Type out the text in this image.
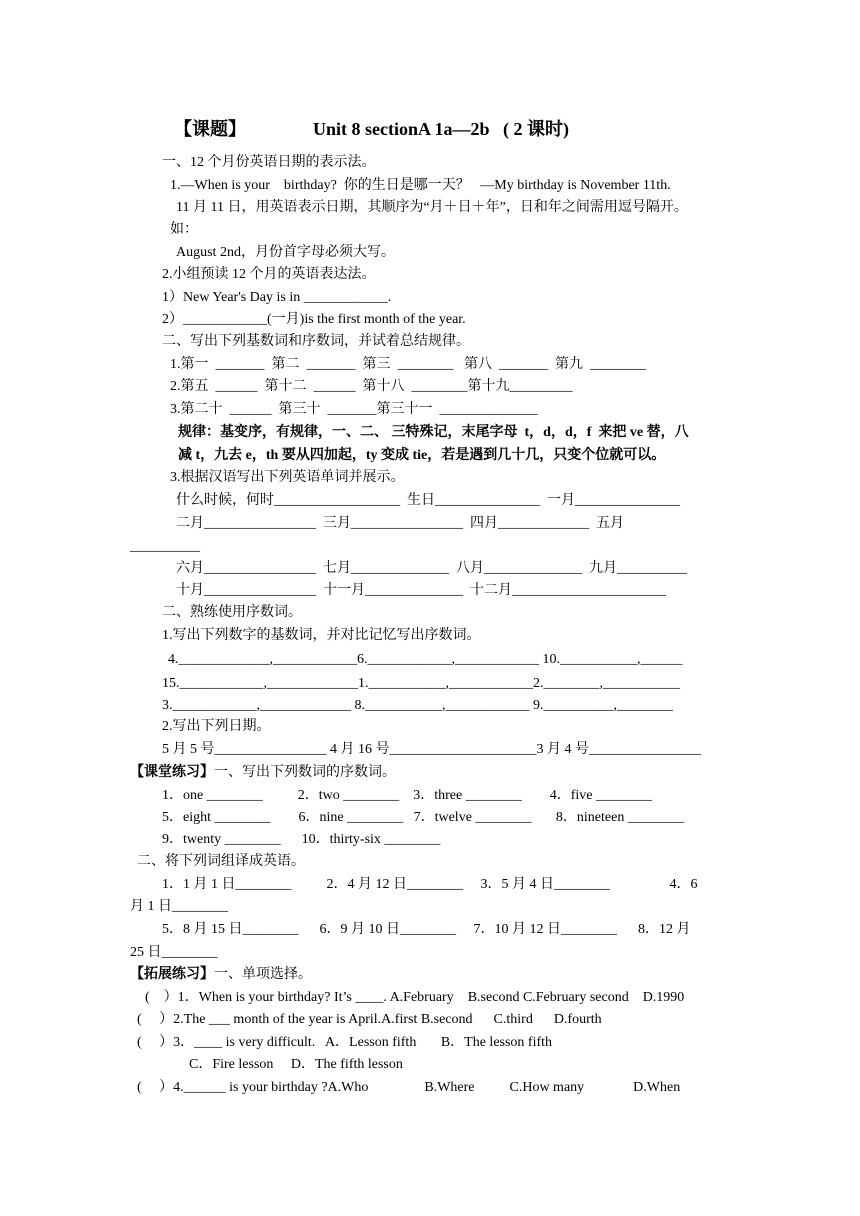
【课题】	Unit 8 sectionA 1a—2b   ( 2 课时)
一、12 个月份英语日期的表示法。
1.—When is your    birthday?  你的生日是哪一天？   —My birthday is November 11th.
11 月 11 日，用英语表示日期，其顺序为“月＋日＋年”，日和年之间需用逗号隔开。
如：
August 2nd，月份首字母必须大写。
2.小组预读 12 个月的英语表达法。
1）New Year's Day is in ____________.
2）____________(一月)is the first month of the year.
二、写出下列基数词和序数词，并试着总结规律。
1.第一  _______  第二  _______  第三  ________   第八  _______  第九  ________
2.第五  ______  第十二  ______  第十八  ________第十九_________
3.第二十  ______  第三十  _______第三十一  ______________
规律：基变序，有规律，一、二、 三特殊记，末尾字母  t，d，d，f  来把 ve 替，八
减 t，九去 e，th 要从四加起，ty 变成 tie，若是遇到几十几，只变个位就可以。
3.根据汉语写出下列英语单词并展示。
什么时候，何时__________________  生日_______________  一月_______________
二月________________  三月________________  四月_____________  五月
__________
六月________________  七月______________  八月______________  九月__________
十月________________  十一月______________  十二月______________________
二、熟练使用序数词。
1.写出下列数字的基数词，并对比记忆写出序数词。
4._____________,____________6.____________,____________ 10.___________,______
15.____________,_____________1.___________,____________2.________,___________
3.____________,_____________ 8.___________,____________ 9.__________,________
2.写出下列日期。
5 月 5 号________________ 4 月 16 号_____________________3 月 4 号________________
【课堂练习】一、写出下列数词的序数词。
1．one ________          2．two ________    3．three ________        4．five ________
5．eight ________        6．nine ________   7．twelve ________       8．nineteen ________
9．twenty ________      10．thirty-six ________
二、将下列词组译成英语。
1．1 月 1 日________          2．4 月 12 日________     3．5 月 4 日________                 4．6
月 1 日________
5．8 月 15 日________      6．9 月 10 日________     7．10 月 12 日________      8．12 月
25 日________
【拓展练习】一、单项选择。
(    ）1．When is your birthday? It’s ____. A.February    B.second C.February second    D.1990
(     ）2.The ___ month of the year is April.A.first B.second      C.third      D.fourth
(     ）3．____ is very difficult.   A．Lesson fifth       B．The lesson fifth
C．Fire lesson     D．The fifth lesson
(     ）4.______ is your birthday ?A.Who                B.Where          C.How many              D.When
